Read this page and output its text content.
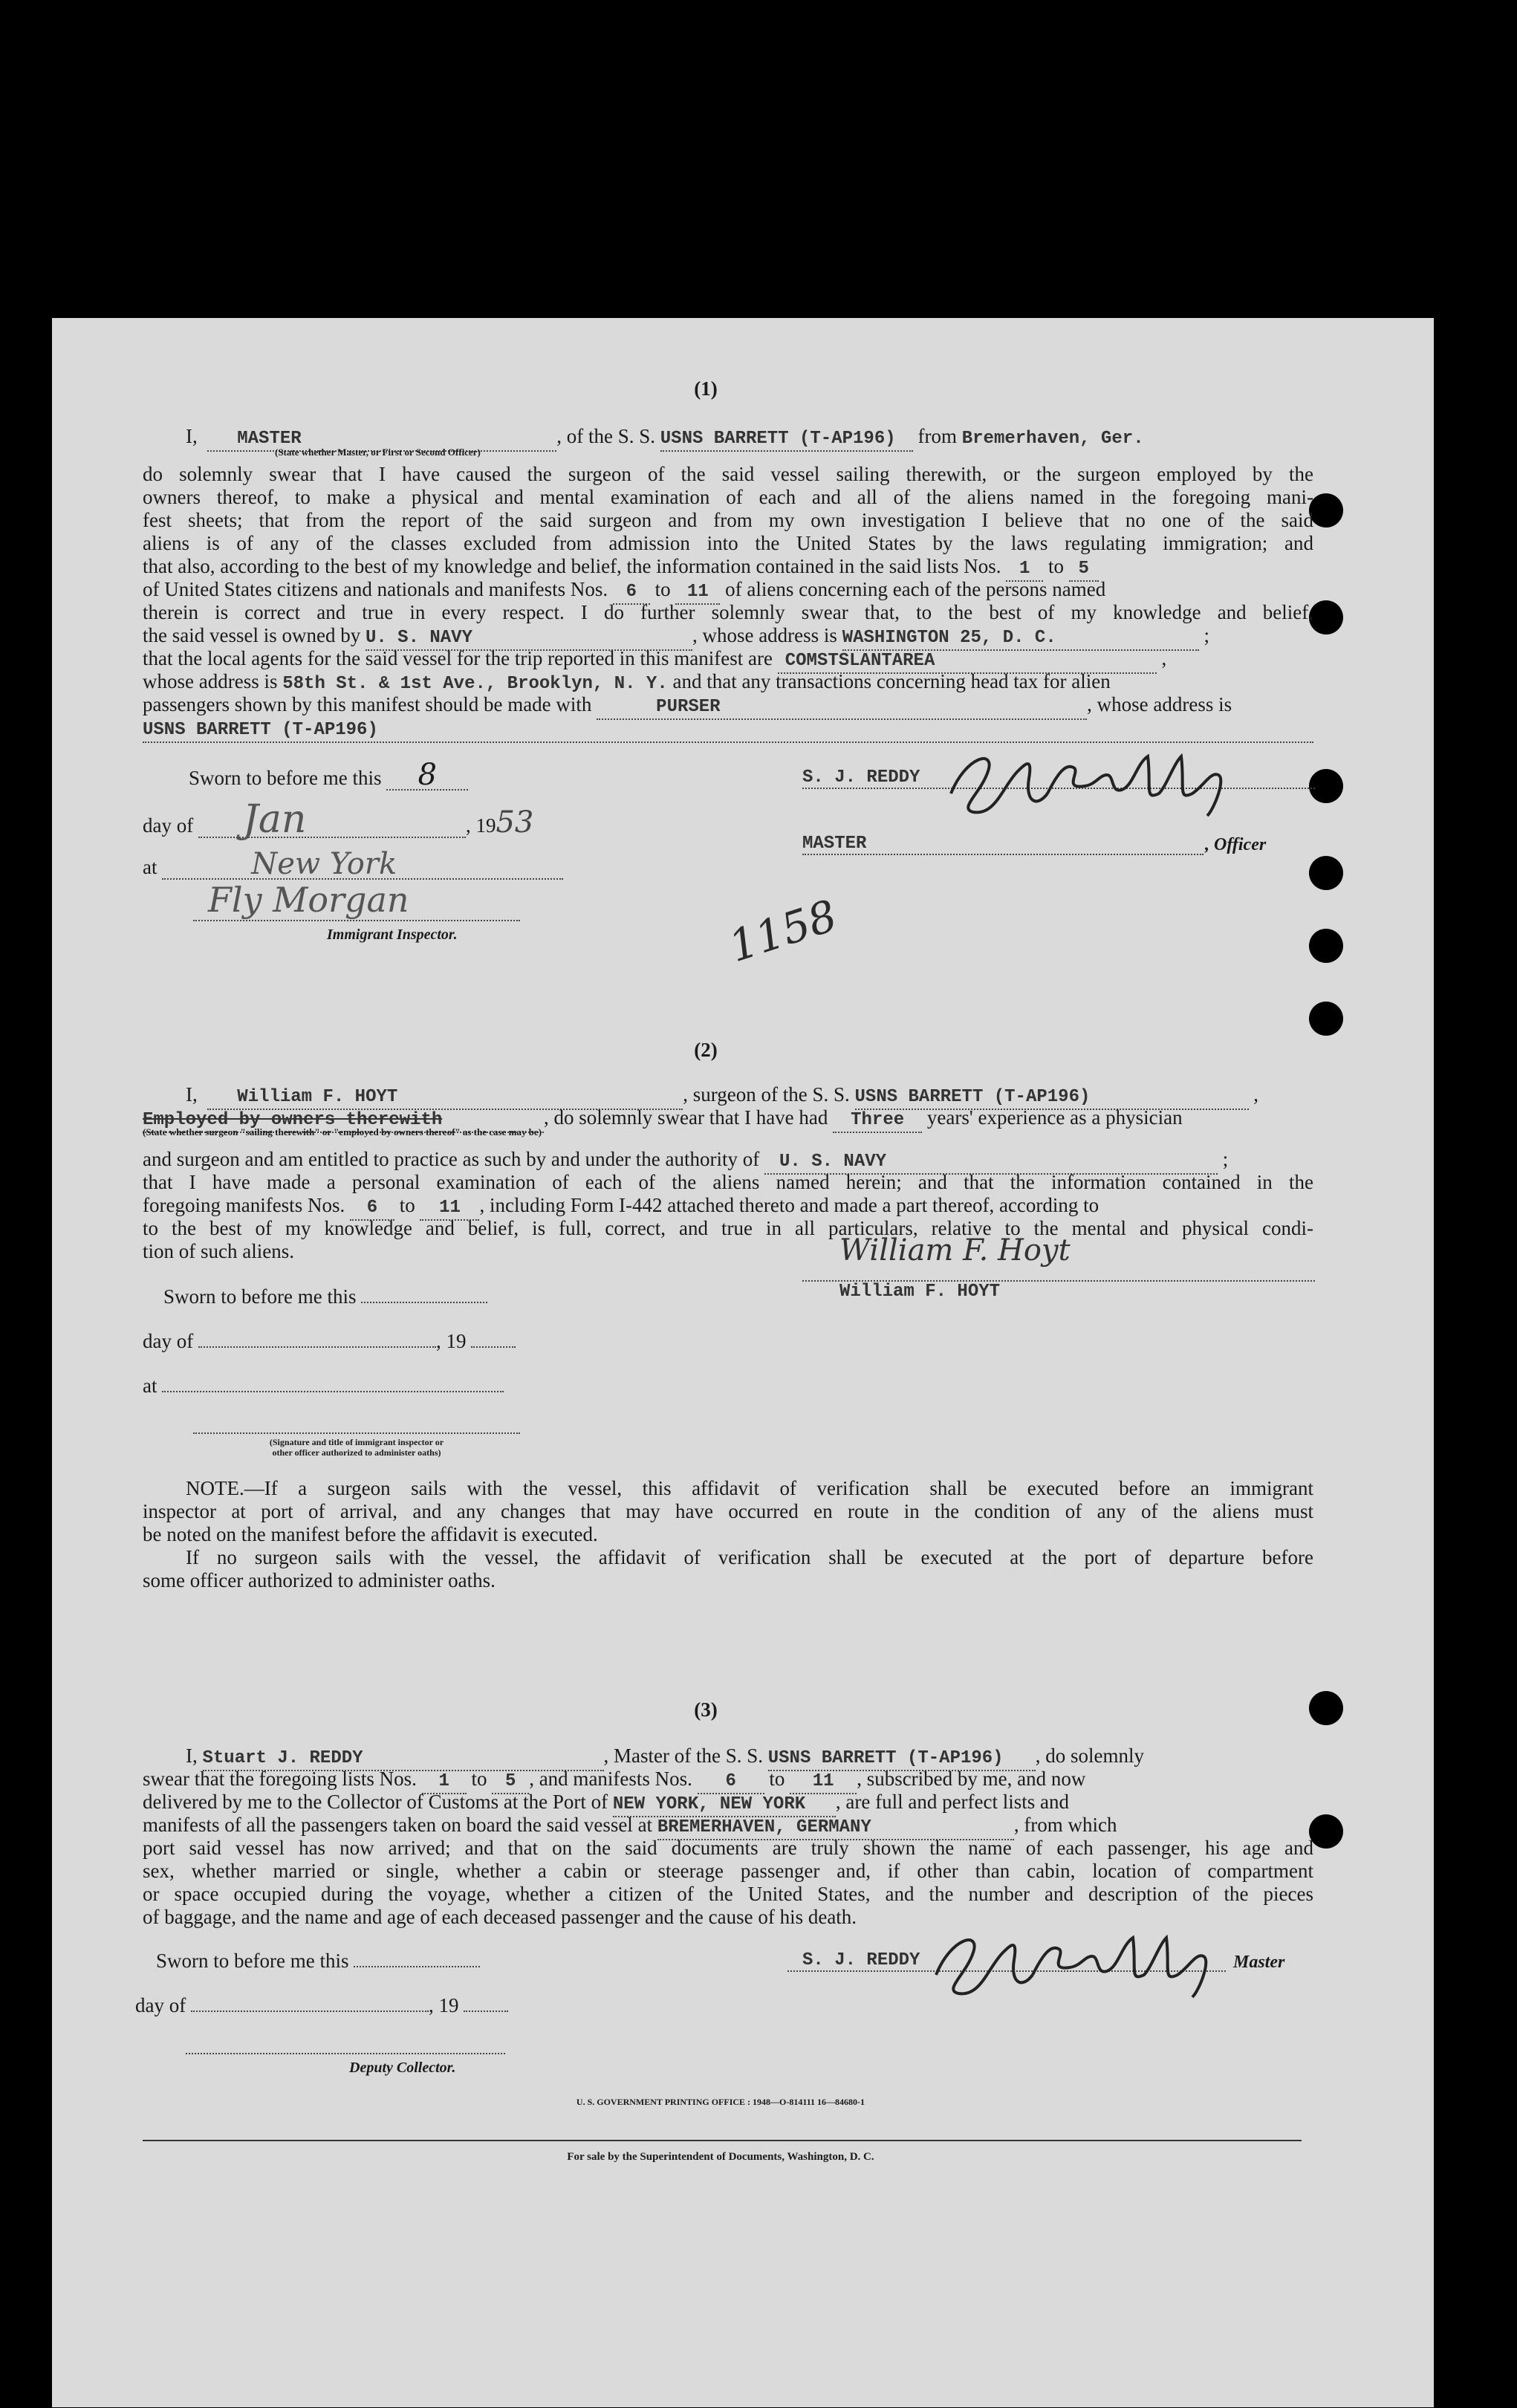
(1)
I,  MASTER	, of the S. S. USNS BARRETT (T-AP196) from Bremerhaven, Ger.
(State whether Master, or First or Second Officer)
do solemnly swear that I have caused the surgeon of the said vessel sailing therewith, or the surgeon employed by the
owners thereof, to make a physical and mental examination of each and all of the aliens named in the foregoing mani-
fest sheets; that from the report of the said surgeon and from my own investigation I believe that no one of the said
aliens is of any of the classes excluded from admission into the United States by the laws regulating immigration; and
that also, according to the best of my knowledge and belief, the information contained in the said lists Nos. 1 to 5
of United States citizens and nationals and manifests Nos. 6 to 11 of aliens concerning each of the persons named
therein is correct and true in every respect. I do further solemnly swear that, to the best of my knowledge and belief,
the said vessel is owned by U. S. NAVY	, whose address is WASHINGTON 25, D. C.	;
that the local agents for the said vessel for the trip reported in this manifest are COMSTSLANTAREA	,
whose address is 58th St. & 1st Ave., Brooklyn, N. Y. and that any transactions concerning head tax for alien
passengers shown by this manifest should be made with	PURSER	, whose address is
USNS BARRETT (T-AP196)
Sworn to before me this 8
day of Jan	, 1953
at	New York
Fly Morgan
Immigrant Inspector.
S. J. REDDY
MASTER	, Officer
1158
(2)
I,  William F. HOYT	, surgeon of the S. S. USNS BARRETT (T-AP196)	,
Employed by owners therewith	, do solemnly swear that I have had Three years' experience as a physician
(State whether surgeon "sailing therewith" or "employed by owners thereof" as the case may be)
and surgeon and am entitled to practice as such by and under the authority of U. S. NAVY	;
that I have made a personal examination of each of the aliens named herein; and that the information contained in the
foregoing manifests Nos. 6 to 11 , including Form I-442 attached thereto and made a part thereof, according to
to the best of my knowledge and belief, is full, correct, and true in all particulars, relative to the mental and physical condi-
tion of such aliens.
Sworn to before me this
day of	, 19
at
(Signature and title of immigrant inspector or
other officer authorized to administer oaths)
William F. Hoyt
William F. HOYT
NOTE.—If a surgeon sails with the vessel, this affidavit of verification shall be executed before an immigrant
inspector at port of arrival, and any changes that may have occurred en route in the condition of any of the aliens must
be noted on the manifest before the affidavit is executed.
If no surgeon sails with the vessel, the affidavit of verification shall be executed at the port of departure before
some officer authorized to administer oaths.
(3)
I, Stuart J. REDDY	, Master of the S. S. USNS BARRETT (T-AP196) , do solemnly
swear that the foregoing lists Nos. 1 to 5 , and manifests Nos. 6 to 11 , subscribed by me, and now
delivered by me to the Collector of Customs at the Port of NEW YORK, NEW YORK , are full and perfect lists and
manifests of all the passengers taken on board the said vessel at BREMERHAVEN, GERMANY	, from which
port said vessel has now arrived; and that on the said documents are truly shown the name of each passenger, his age and
sex, whether married or single, whether a cabin or steerage passenger and, if other than cabin, location of compartment
or space occupied during the voyage, whether a citizen of the United States, and the number and description of the pieces
of baggage, and the name and age of each deceased passenger and the cause of his death.
Sworn to before me this
day of	, 19
Deputy Collector.
S. J. REDDY	Master
U. S. GOVERNMENT PRINTING OFFICE : 1948—O-814111 16—84680-1
For sale by the Superintendent of Documents, Washington, D. C.
